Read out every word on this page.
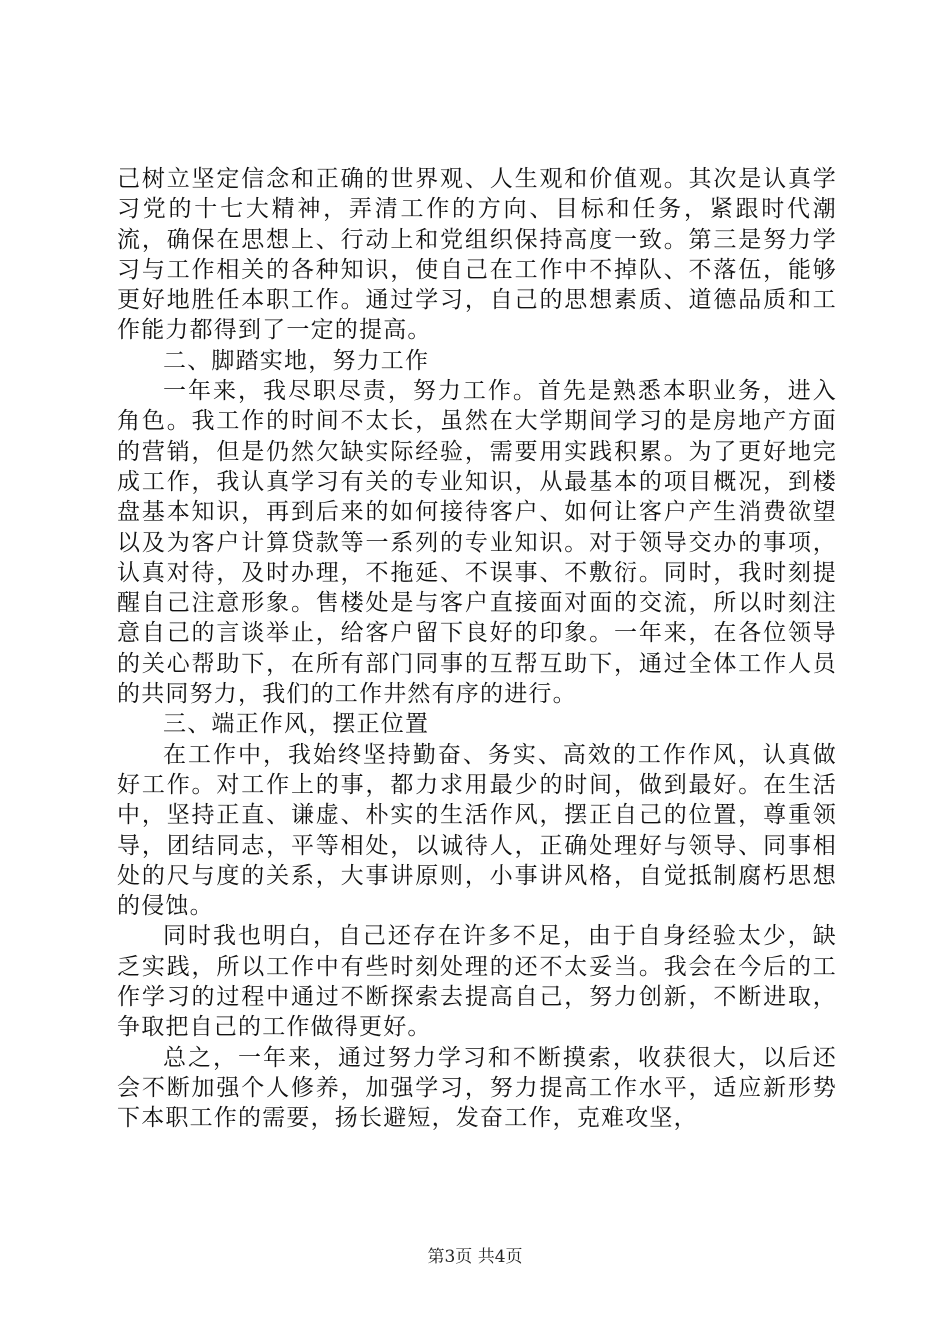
己树立坚定信念和正确的世界观、人生观和价值观。其次是认真学习党的十七大精神，弄清工作的方向、目标和任务，紧跟时代潮流，确保在思想上、行动上和党组织保持高度一致。第三是努力学习与工作相关的各种知识，使自己在工作中不掉队、不落伍，能够更好地胜任本职工作。通过学习，自己的思想素质、道德品质和工作能力都得到了一定的提高。

二、脚踏实地，努力工作

一年来，我尽职尽责，努力工作。首先是熟悉本职业务，进入角色。我工作的时间不太长，虽然在大学期间学习的是房地产方面的营销，但是仍然欠缺实际经验，需要用实践积累。为了更好地完成工作，我认真学习有关的专业知识，从最基本的项目概况，到楼盘基本知识，再到后来的如何接待客户、如何让客户产生消费欲望以及为客户计算贷款等一系列的专业知识。对于领导交办的事项，认真对待，及时办理，不拖延、不误事、不敷衍。同时，我时刻提醒自己注意形象。售楼处是与客户直接面对面的交流，所以时刻注意自己的言谈举止，给客户留下良好的印象。一年来，在各位领导的关心帮助下，在所有部门同事的互帮互助下，通过全体工作人员的共同努力，我们的工作井然有序的进行。

三、端正作风，摆正位置

在工作中，我始终坚持勤奋、务实、高效的工作作风，认真做好工作。对工作上的事，都力求用最少的时间，做到最好。在生活中，坚持正直、谦虚、朴实的生活作风，摆正自己的位置，尊重领导，团结同志，平等相处，以诚待人，正确处理好与领导、同事相处的尺与度的关系，大事讲原则，小事讲风格，自觉抵制腐朽思想的侵蚀。

同时我也明白，自己还存在许多不足，由于自身经验太少，缺乏实践，所以工作中有些时刻处理的还不太妥当。我会在今后的工作学习的过程中通过不断探索去提高自己，努力创新，不断进取，争取把自己的工作做得更好。

总之，一年来，通过努力学习和不断摸索，收获很大，以后还会不断加强个人修养，加强学习，努力提高工作水平，适应新形势下本职工作的需要，扬长避短，发奋工作，克难攻坚，

第3页 共4页
